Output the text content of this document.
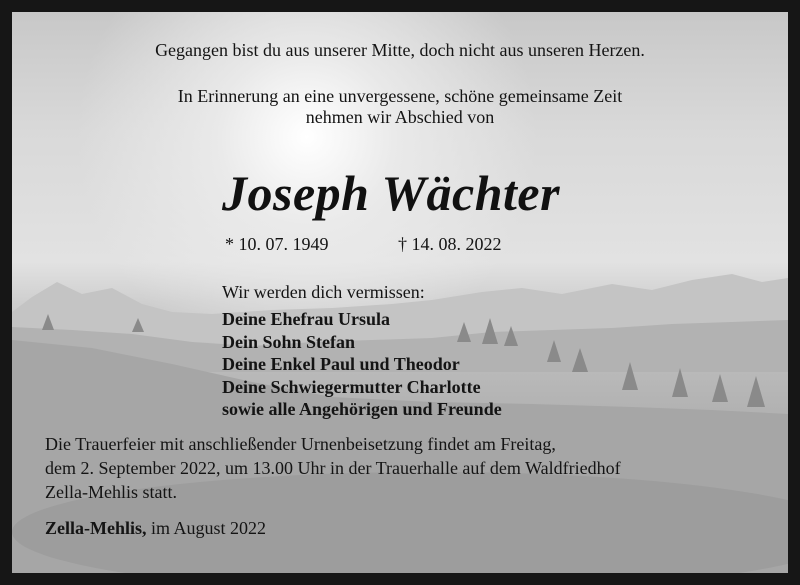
Gegangen bist du aus unserer Mitte, doch nicht aus unseren Herzen.
In Erinnerung an eine unvergessene, schöne gemeinsame Zeit
nehmen wir Abschied von
Joseph Wächter
* 10. 07. 1949	† 14. 08. 2022
Wir werden dich vermissen:
Deine Ehefrau Ursula
Dein Sohn Stefan
Deine Enkel Paul und Theodor
Deine Schwiegermutter Charlotte
sowie alle Angehörigen und Freunde
Die Trauerfeier mit anschließender Urnenbeisetzung findet am Freitag,
dem 2. September 2022, um 13.00 Uhr in der Trauerhalle auf dem Waldfriedhof
Zella-Mehlis statt.
Zella-Mehlis, im August 2022
